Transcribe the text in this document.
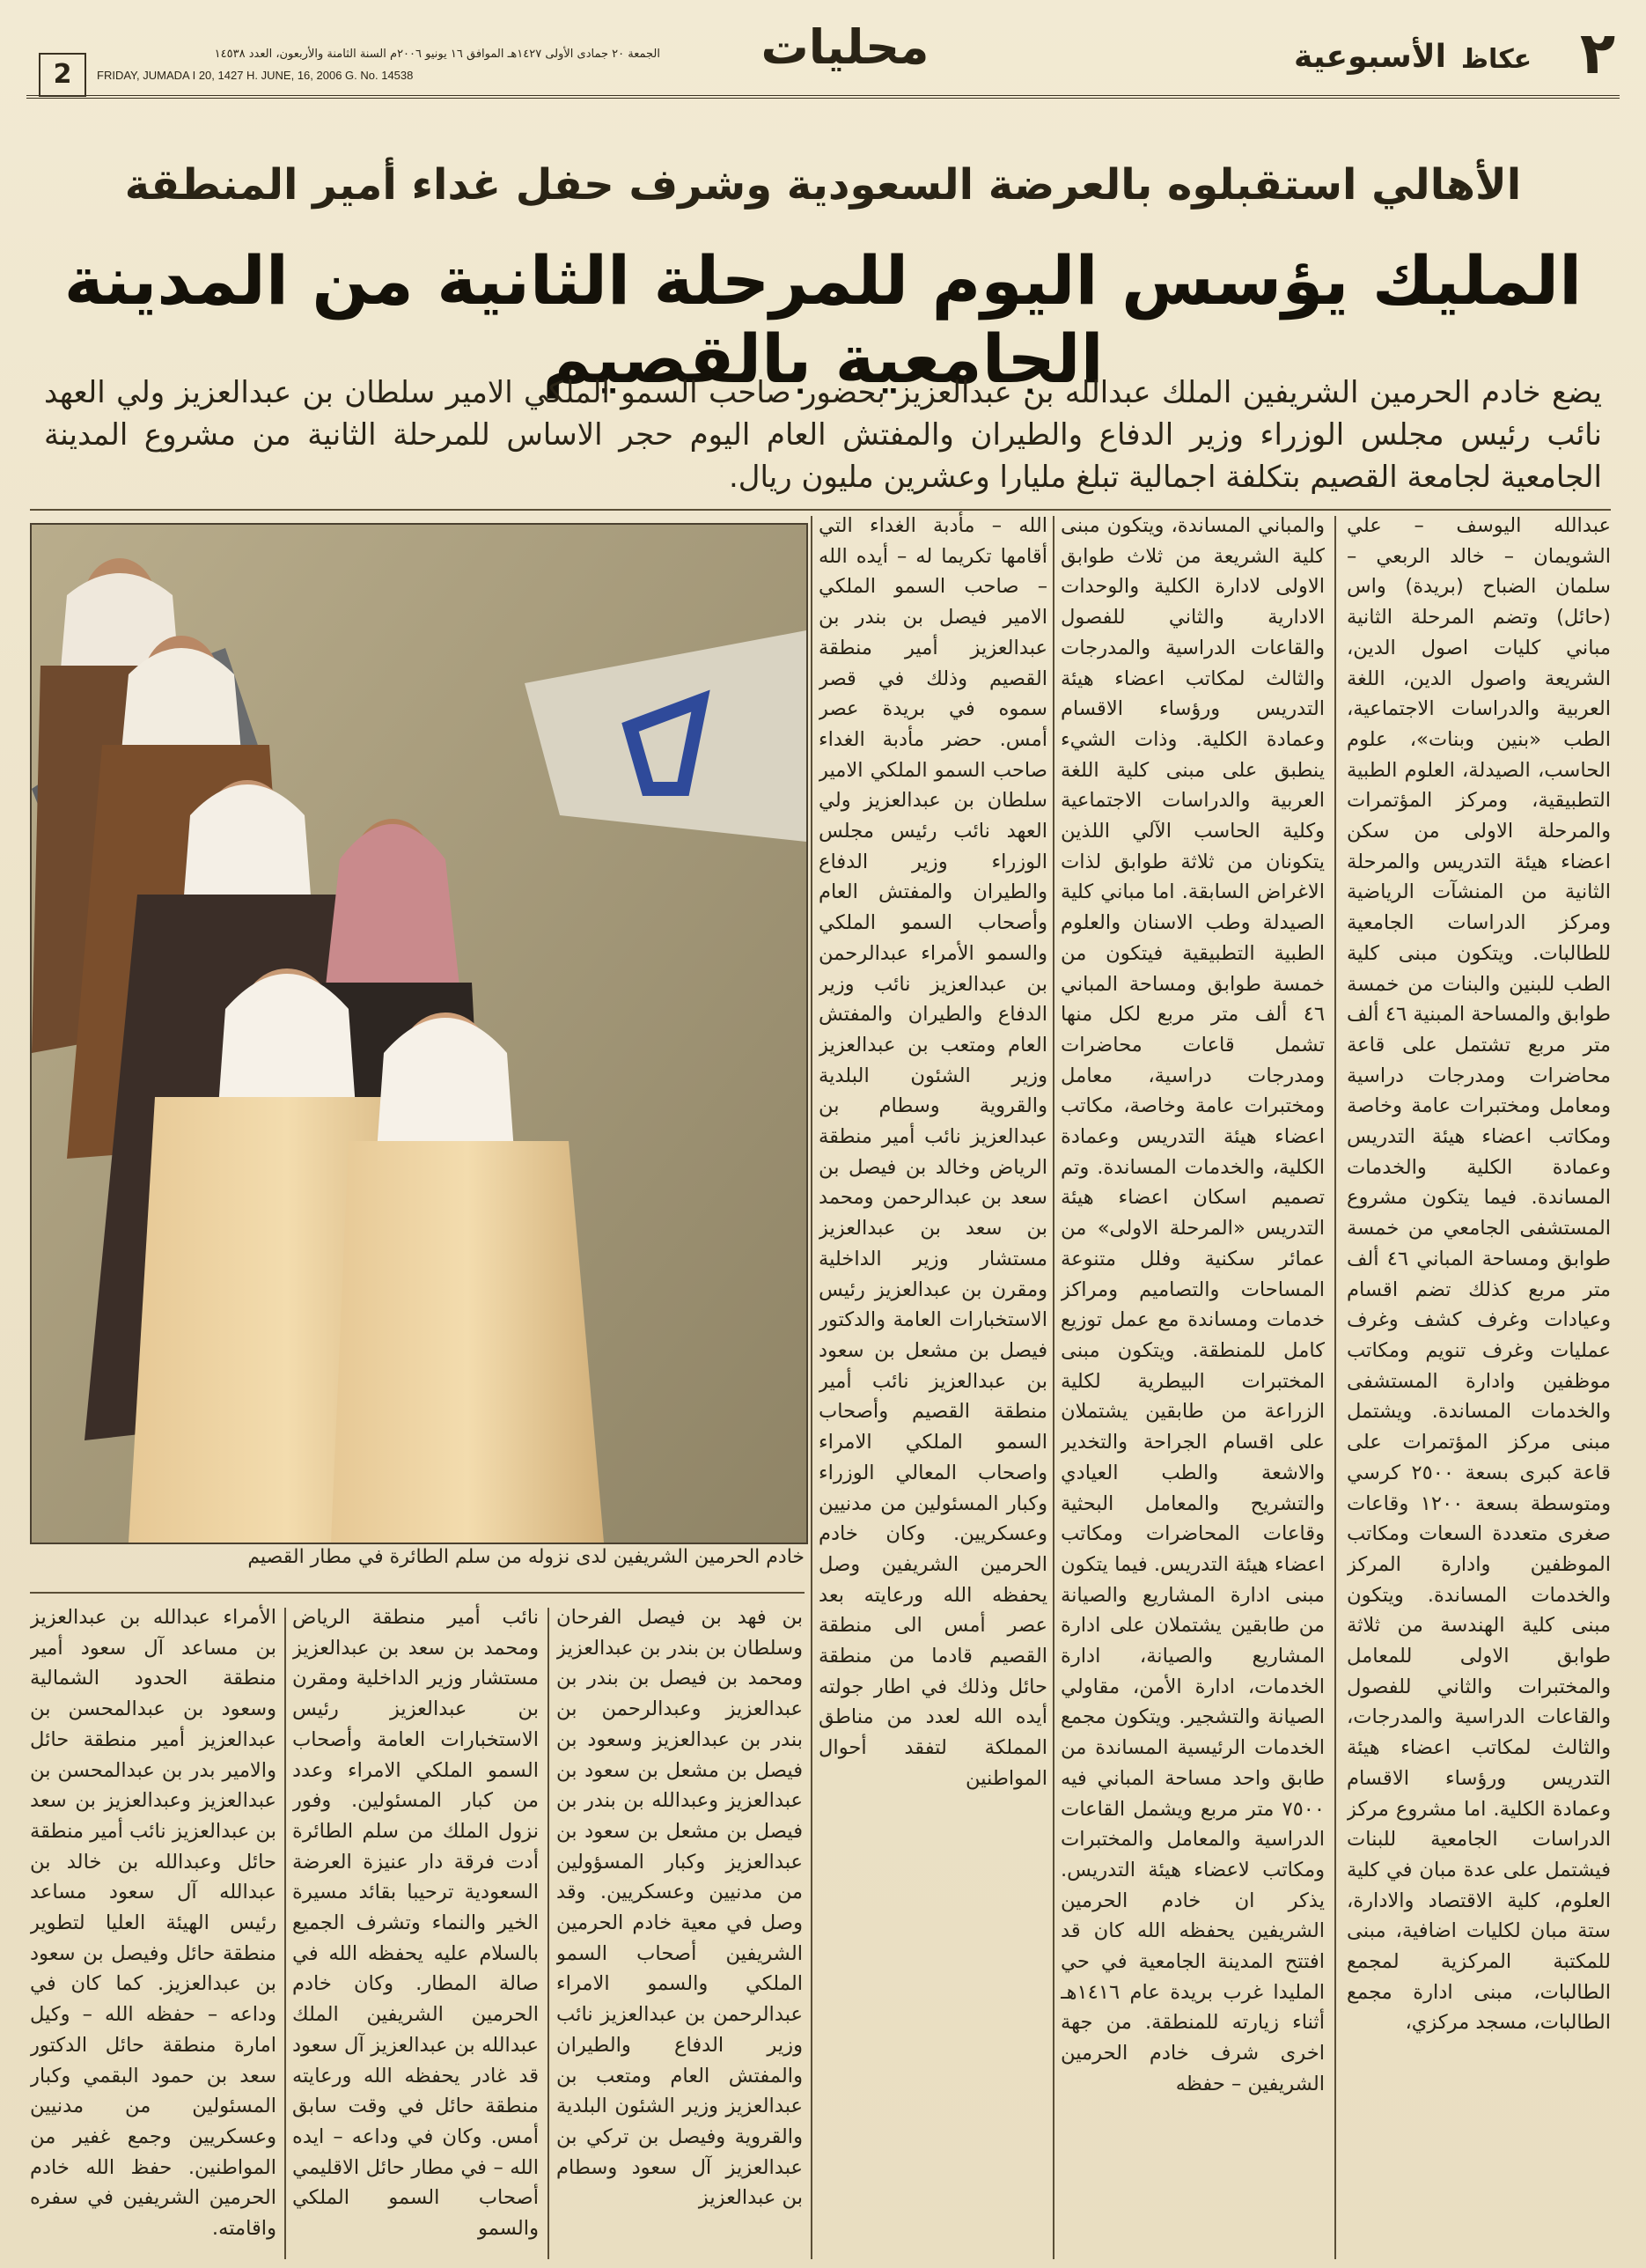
2
الجمعة ٢٠ جمادى الأولى ١٤٢٧هـ الموافق ١٦ يونيو ٢٠٠٦م السنة الثامنة والأربعون، العدد ١٤٥٣٨
FRIDAY, JUMADA I 20, 1427 H. JUNE, 16, 2006 G. No. 14538
محليات	الأسبوعية عكاظ ٢
الأهالي استقبلوه بالعرضة السعودية وشرف حفل غداء أمير المنطقة
المليك يؤسس اليوم للمرحلة الثانية من المدينة الجامعية بالقصيم
يضع خادم الحرمين الشريفين الملك عبدالله بن عبدالعزيز بحضور صاحب السمو الملكي الامير سلطان بن عبدالعزيز ولي العهد نائب رئيس مجلس الوزراء وزير الدفاع والطيران والمفتش العام اليوم حجر الاساس للمرحلة الثانية من مشروع المدينة الجامعية لجامعة القصيم بتكلفة اجمالية تبلغ مليارا وعشرين مليون ريال.
خادم الحرمين الشريفين لدى نزوله من سلم الطائرة في مطار القصيم

عبدالله اليوسف – علي الشويمان – خالد الربعي – سلمان الضباح (بريدة) واس (حائل) وتضم المرحلة الثانية مباني كليات اصول الدين، الشريعة واصول الدين، اللغة العربية والدراسات الاجتماعية، الطب «بنين وبنات»، علوم الحاسب، الصيدلة، العلوم الطبية التطبيقية، ومركز المؤتمرات والمرحلة الاولى من سكن اعضاء هيئة التدريس والمرحلة الثانية من المنشآت الرياضية ومركز الدراسات الجامعية للطالبات. ويتكون مبنى كلية الطب للبنين والبنات من خمسة طوابق والمساحة المبنية ٤٦ ألف متر مربع تشتمل على قاعة محاضرات ومدرجات دراسية ومعامل ومختبرات عامة وخاصة ومكاتب اعضاء هيئة التدريس وعمادة الكلية والخدمات المساندة. فيما يتكون مشروع المستشفى الجامعي من خمسة طوابق ومساحة المباني ٤٦ ألف متر مربع كذلك تضم اقسام وعيادات وغرف كشف وغرف عمليات وغرف تنويم ومكاتب موظفين وادارة المستشفى والخدمات المساندة. ويشتمل مبنى مركز المؤتمرات على قاعة كبرى بسعة ٢٥٠٠ كرسي ومتوسطة بسعة ١٢٠٠ وقاعات صغرى متعددة السعات ومكاتب الموظفين وادارة المركز والخدمات المساندة. ويتكون مبنى كلية الهندسة من ثلاثة طوابق الاولى للمعامل والمختبرات والثاني للفصول والقاعات الدراسية والمدرجات، والثالث لمكاتب اعضاء هيئة التدريس ورؤساء الاقسام وعمادة الكلية. اما مشروع مركز الدراسات الجامعية للبنات فيشتمل على عدة مبان في كلية العلوم، كلية الاقتصاد والادارة، ستة مبان لكليات اضافية، مبنى للمكتبة المركزية لمجمع الطالبات، مبنى ادارة مجمع الطالبات، مسجد مركزي،

والمباني المساندة، ويتكون مبنى كلية الشريعة من ثلاث طوابق الاولى لادارة الكلية والوحدات الادارية والثاني للفصول والقاعات الدراسية والمدرجات والثالث لمكاتب اعضاء هيئة التدريس ورؤساء الاقسام وعمادة الكلية. وذات الشيء ينطبق على مبنى كلية اللغة العربية والدراسات الاجتماعية وكلية الحاسب الآلي اللذين يتكونان من ثلاثة طوابق لذات الاغراض السابقة. اما مباني كلية الصيدلة وطب الاسنان والعلوم الطبية التطبيقية فيتكون من خمسة طوابق ومساحة المباني ٤٦ ألف متر مربع لكل منها تشمل قاعات محاضرات ومدرجات دراسية، معامل ومختبرات عامة وخاصة، مكاتب اعضاء هيئة التدريس وعمادة الكلية، والخدمات المساندة. وتم تصميم اسكان اعضاء هيئة التدريس «المرحلة الاولى» من عمائر سكنية وفلل متنوعة المساحات والتصاميم ومراكز خدمات ومساندة مع عمل توزيع كامل للمنطقة. ويتكون مبنى المختبرات البيطرية لكلية الزراعة من طابقين يشتملان على اقسام الجراحة والتخدير والاشعة والطب العيادي والتشريح والمعامل البحثية وقاعات المحاضرات ومكاتب اعضاء هيئة التدريس. فيما يتكون مبنى ادارة المشاريع والصيانة من طابقين يشتملان على ادارة المشاريع والصيانة، ادارة الخدمات، ادارة الأمن، مقاولي الصيانة والتشجير. ويتكون مجمع الخدمات الرئيسية المساندة من طابق واحد مساحة المباني فيه ٧٥٠٠ متر مربع ويشمل القاعات الدراسية والمعامل والمختبرات ومكاتب لاعضاء هيئة التدريس. يذكر ان خادم الحرمين الشريفين يحفظه الله كان قد افتتح المدينة الجامعية في حي المليدا غرب بريدة عام ١٤١٦هـ أثناء زيارته للمنطقة. من جهة اخرى شرف خادم الحرمين الشريفين – حفظه

الله – مأدبة الغداء التي أقامها تكريما له – أيده الله – صاحب السمو الملكي الامير فيصل بن بندر بن عبدالعزيز أمير منطقة القصيم وذلك في قصر سموه في بريدة عصر أمس. حضر مأدبة الغداء صاحب السمو الملكي الامير سلطان بن عبدالعزيز ولي العهد نائب رئيس مجلس الوزراء وزير الدفاع والطيران والمفتش العام وأصحاب السمو الملكي والسمو الأمراء عبدالرحمن بن عبدالعزيز نائب وزير الدفاع والطيران والمفتش العام ومتعب بن عبدالعزيز وزير الشئون البلدية والقروية وسطام بن عبدالعزيز نائب أمير منطقة الرياض وخالد بن فيصل بن سعد بن عبدالرحمن ومحمد بن سعد بن عبدالعزيز مستشار وزير الداخلية ومقرن بن عبدالعزيز رئيس الاستخبارات العامة والدكتور فيصل بن مشعل بن سعود بن عبدالعزيز نائب أمير منطقة القصيم وأصحاب السمو الملكي الامراء واصحاب المعالي الوزراء وكبار المسئولين من مدنيين وعسكريين. وكان خادم الحرمين الشريفين وصل يحفظه الله ورعايته بعد عصر أمس الى منطقة القصيم قادما من منطقة حائل وذلك في اطار جولته أيده الله لعدد من مناطق المملكة لتفقد أحوال المواطنين

بن فهد بن فيصل الفرحان وسلطان بن بندر بن عبدالعزيز ومحمد بن فيصل بن بندر بن عبدالعزيز وعبدالرحمن بن بندر بن عبدالعزيز وسعود بن فيصل بن مشعل بن سعود بن عبدالعزيز وعبدالله بن بندر بن فيصل بن مشعل بن سعود بن عبدالعزيز وكبار المسؤولين من مدنيين وعسكريين. وقد وصل في معية خادم الحرمين الشريفين أصحاب السمو الملكي والسمو الامراء عبدالرحمن بن عبدالعزيز نائب وزير الدفاع والطيران والمفتش العام ومتعب بن عبدالعزيز وزير الشئون البلدية والقروية وفيصل بن تركي بن عبدالعزيز آل سعود وسطام بن عبدالعزيز

نائب أمير منطقة الرياض ومحمد بن سعد بن عبدالعزيز مستشار وزير الداخلية ومقرن بن عبدالعزيز رئيس الاستخبارات العامة وأصحاب السمو الملكي الامراء وعدد من كبار المسئولين. وفور نزول الملك من سلم الطائرة أدت فرقة دار عنيزة العرضة السعودية ترحيبا بقائد مسيرة الخير والنماء وتشرف الجميع بالسلام عليه يحفظه الله في صالة المطار. وكان خادم الحرمين الشريفين الملك عبدالله بن عبدالعزيز آل سعود قد غادر يحفظه الله ورعايته منطقة حائل في وقت سابق أمس. وكان في وداعه – ايده الله – في مطار حائل الاقليمي أصحاب السمو الملكي والسمو

الأمراء عبدالله بن عبدالعزيز بن مساعد آل سعود أمير منطقة الحدود الشمالية وسعود بن عبدالمحسن بن عبدالعزيز أمير منطقة حائل والامير بدر بن عبدالمحسن بن عبدالعزيز وعبدالعزيز بن سعد بن عبدالعزيز نائب أمير منطقة حائل وعبدالله بن خالد بن عبدالله آل سعود مساعد رئيس الهيئة العليا لتطوير منطقة حائل وفيصل بن سعود بن عبدالعزيز. كما كان في وداعه – حفظه الله – وكيل امارة منطقة حائل الدكتور سعد بن حمود البقمي وكبار المسئولين من مدنيين وعسكريين وجمع غفير من المواطنين. حفظ الله خادم الحرمين الشريفين في سفره واقامته.
